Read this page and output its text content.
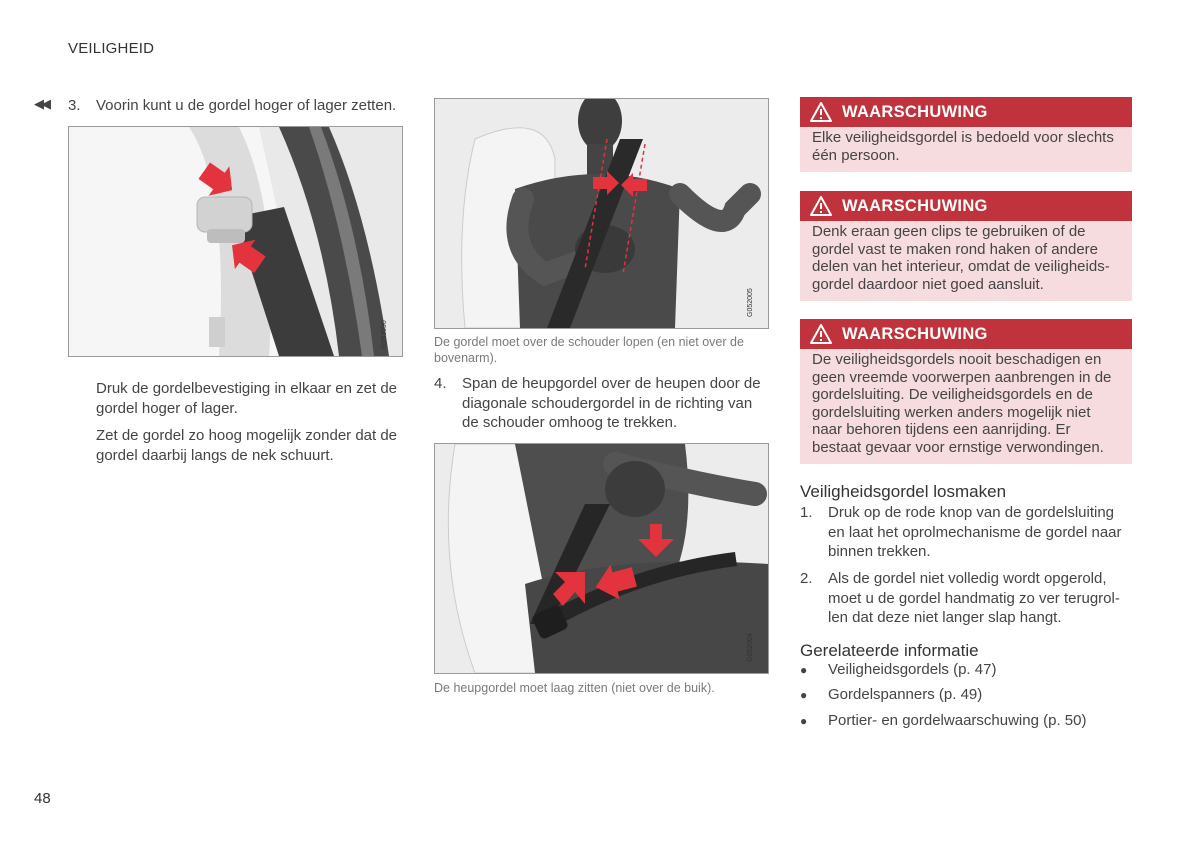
VEILIGHEID
◀◀ 3. Voorin kunt u de gordel hoger of lager zetten.
G053090
Druk de gordelbevestiging in elkaar en zet de gordel hoger of lager.
Zet de gordel zo hoog mogelijk zonder dat de gordel daarbij langs de nek schuurt.
G052005
De gordel moet over de schouder lopen (en niet over de bovenarm).
4.	Span de heupgordel over de heupen door de diagonale schoudergordel in de richting van de schouder omhoog te trekken.
G052004
De heupgordel moet laag zitten (niet over de buik).
WAARSCHUWING
Elke veiligheidsgordel is bedoeld voor slechts één persoon.
WAARSCHUWING
Denk eraan geen clips te gebruiken of de gordel vast te maken rond haken of andere delen van het interieur, omdat de veiligheidsgordel daardoor niet goed aansluit.
WAARSCHUWING
De veiligheidsgordels nooit beschadigen en geen vreemde voorwerpen aanbrengen in de gordelsluiting. De veiligheidsgordels en de gordelsluiting werken anders mogelijk niet naar behoren tijdens een aanrijding. Er bestaat gevaar voor ernstige verwondingen.
Veiligheidsgordel losmaken
1.	Druk op de rode knop van de gordelsluiting en laat het oprolmechanisme de gordel naar binnen trekken.
2.	Als de gordel niet volledig wordt opgerold, moet u de gordel handmatig zo ver terugrollen dat deze niet langer slap hangt.
Gerelateerde informatie
●	Veiligheidsgordels (p. 47)
●	Gordelspanners (p. 49)
●	Portier- en gordelwaarschuwing (p. 50)
48
